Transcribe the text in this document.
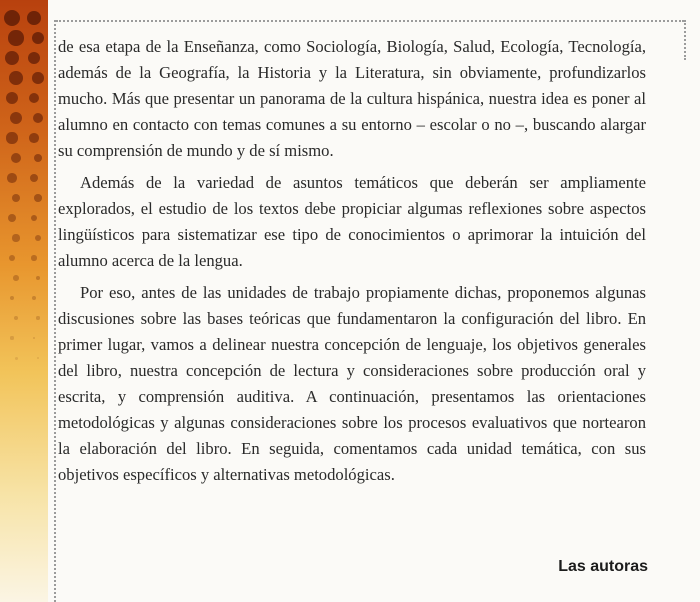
de esa etapa de la Enseñanza, como Sociología, Biología, Salud, Ecología, Tecnología, además de la Geografía, la Historia y la Literatura, sin obviamente, profundizarlos mucho. Más que presentar un panorama de la cultura hispánica, nuestra idea es poner al alumno en contacto con temas comunes a su entorno – escolar o no –, buscando alargar su comprensión de mundo y de sí mismo.

Además de la variedad de asuntos temáticos que deberán ser ampliamente explorados, el estudio de los textos debe propiciar algumas reflexiones sobre aspectos lingüísticos para sistematizar ese tipo de conocimientos o aprimorar la intuición del alumno acerca de la lengua.

Por eso, antes de las unidades de trabajo propiamente dichas, proponemos algunas discusiones sobre las bases teóricas que fundamentaron la configuración del libro. En primer lugar, vamos a delinear nuestra concepción de lenguaje, los objetivos generales del libro, nuestra concepción de lectura y consideraciones sobre producción oral y escrita, y comprensión auditiva. A continuación, presentamos las orientaciones metodológicas y algunas consideraciones sobre los procesos evaluativos que nortearon la elaboración del libro. En seguida, comentamos cada unidad temática, con sus objetivos específicos y alternativas metodológicas.

Las autoras
